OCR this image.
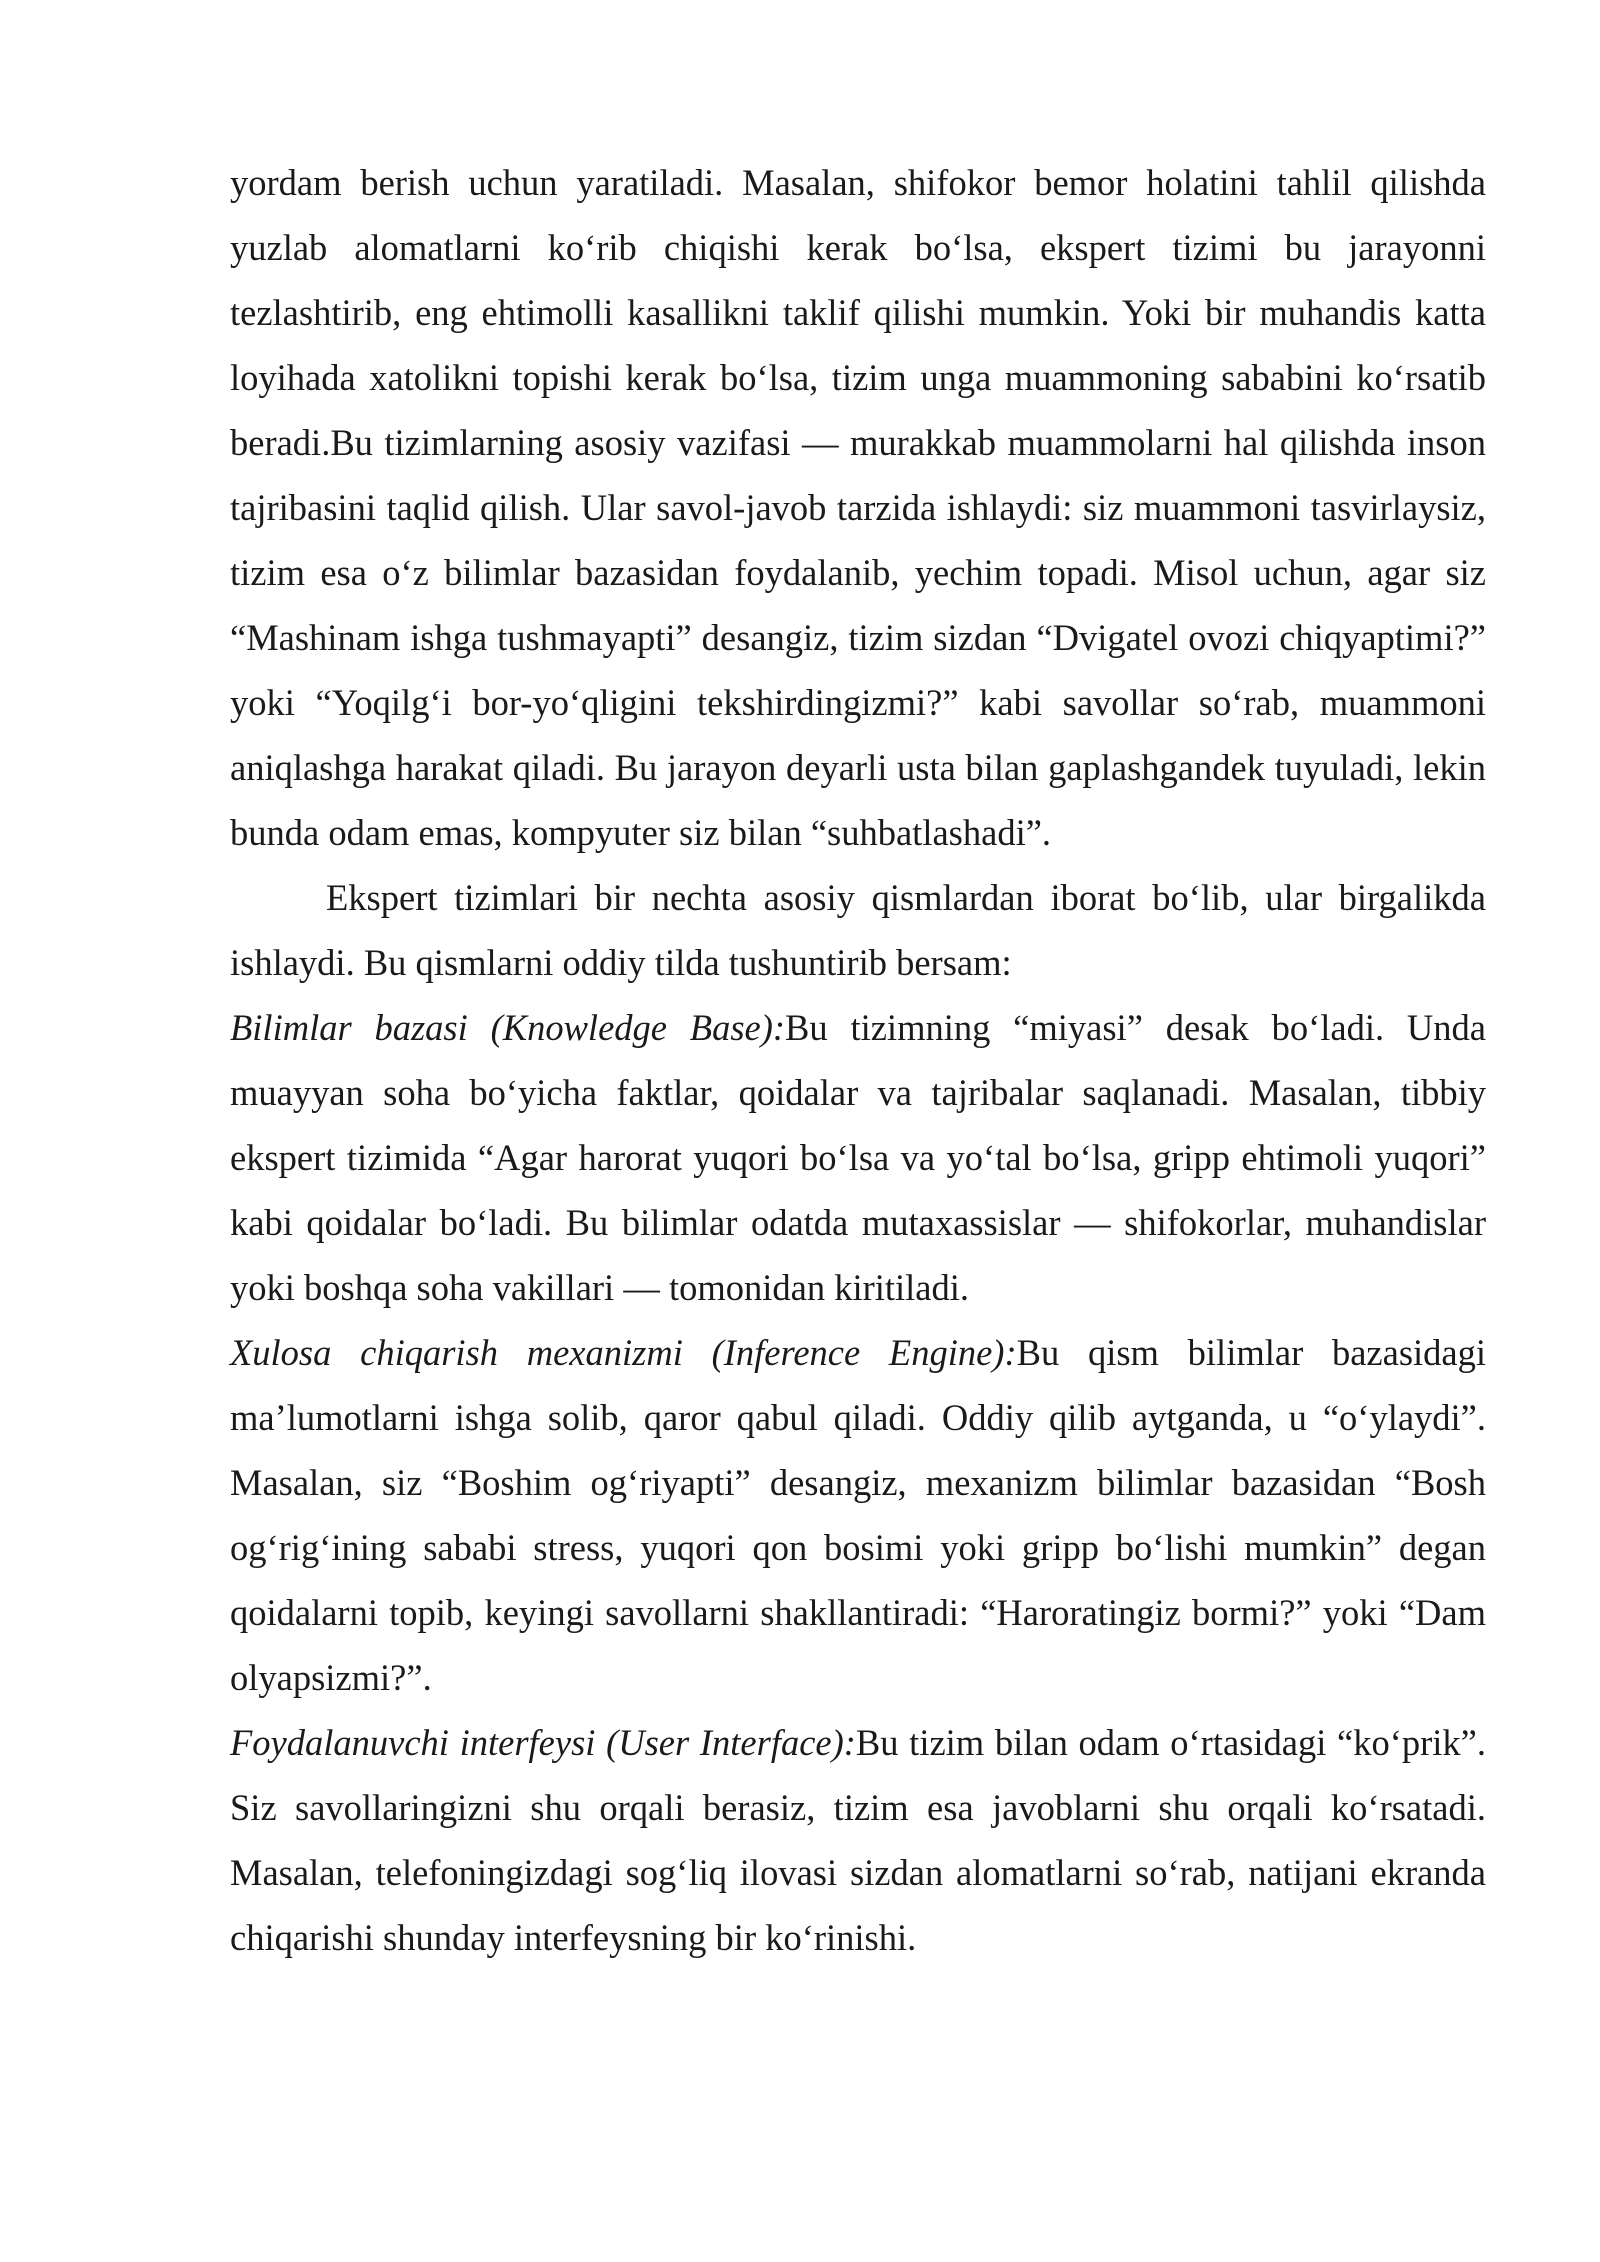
yordam berish uchun yaratiladi. Masalan, shifokor bemor holatini tahlil qilishda yuzlab alomatlarni ko‘rib chiqishi kerak bo‘lsa, ekspert tizimi bu jarayonni tezlashtirib, eng ehtimolli kasallikni taklif qilishi mumkin. Yoki bir muhandis katta loyihada xatolikni topishi kerak bo‘lsa, tizim unga muammoning sababini ko‘rsatib beradi.Bu tizimlarning asosiy vazifasi — murakkab muammolarni hal qilishda inson tajribasini taqlid qilish. Ular savol-javob tarzida ishlaydi: siz muammoni tasvirlaysiz, tizim esa o‘z bilimlar bazasidan foydalanib, yechim topadi. Misol uchun, agar siz “Mashinam ishga tushmayapti” desangiz, tizim sizdan “Dvigatel ovozi chiqyaptimi?” yoki “Yoqilg‘i bor-yo‘qligini tekshirdingizmi?” kabi savollar so‘rab, muammoni aniqlashga harakat qiladi. Bu jarayon deyarli usta bilan gaplashgandek tuyuladi, lekin bunda odam emas, kompyuter siz bilan “suhbatlashadi”.

Ekspert tizimlari bir nechta asosiy qismlardan iborat bo‘lib, ular birgalikda ishlaydi. Bu qismlarni oddiy tilda tushuntirib bersam:

Bilimlar bazasi (Knowledge Base):Bu tizimning “miyasi” desak bo‘ladi. Unda muayyan soha bo‘yicha faktlar, qoidalar va tajribalar saqlanadi. Masalan, tibbiy ekspert tizimida “Agar harorat yuqori bo‘lsa va yo‘tal bo‘lsa, gripp ehtimoli yuqori” kabi qoidalar bo‘ladi. Bu bilimlar odatda mutaxassislar — shifokorlar, muhandislar yoki boshqa soha vakillari — tomonidan kiritiladi.

Xulosa chiqarish mexanizmi (Inference Engine):Bu qism bilimlar bazasidagi ma’lumotlarni ishga solib, qaror qabul qiladi. Oddiy qilib aytganda, u “o‘ylaydi”. Masalan, siz “Boshim og‘riyapti” desangiz, mexanizm bilimlar bazasidan “Bosh og‘rig‘ining sababi stress, yuqori qon bosimi yoki gripp bo‘lishi mumkin” degan qoidalarni topib, keyingi savollarni shakllantiradi: “Haroratingiz bormi?” yoki “Dam olyapsizmi?”.

Foydalanuvchi interfeysi (User Interface):Bu tizim bilan odam o‘rtasidagi “ko‘prik”. Siz savollaringizni shu orqali berasiz, tizim esa javoblarni shu orqali ko‘rsatadi. Masalan, telefoningizdagi sog‘liq ilovasi sizdan alomatlarni so‘rab, natijani ekranda chiqarishi shunday interfeysning bir ko‘rinishi.
